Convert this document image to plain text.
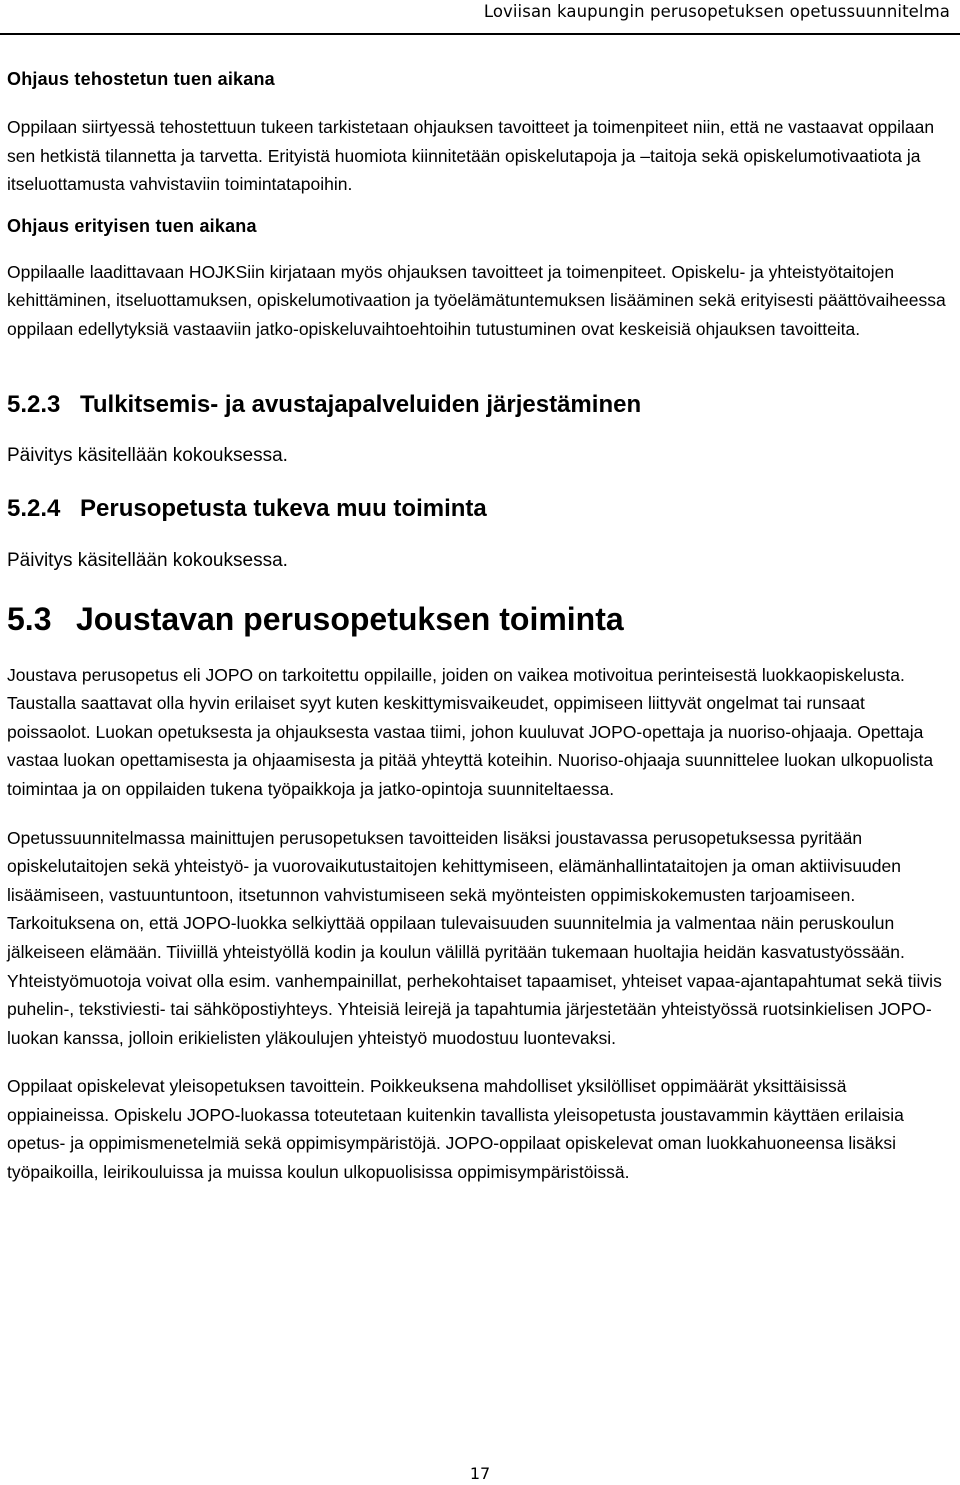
Loviisan kaupungin perusopetuksen opetussuunnitelma
Ohjaus tehostetun tuen aikana

Oppilaan siirtyessä tehostettuun tukeen tarkistetaan ohjauksen tavoitteet ja toimenpiteet niin, että ne vastaavat oppilaan sen hetkistä tilannetta ja tarvetta. Erityistä huomiota kiinnitetään opiskelutapoja ja –taitoja sekä opiskelumotivaatiota ja itseluottamusta vahvistaviin toimintatapoihin.

Ohjaus erityisen tuen aikana

Oppilaalle laadittavaan HOJKSiin kirjataan myös ohjauksen tavoitteet ja toimenpiteet. Opiskelu- ja yhteistyötaitojen kehittäminen, itseluottamuksen, opiskelumotivaation ja työelämätuntemuksen lisääminen sekä erityisesti päättövaiheessa oppilaan edellytyksiä vastaaviin jatko-opiskeluvaihtoehtoihin tutustuminen ovat keskeisiä ohjauksen tavoitteita.

5.2.3 Tulkitsemis- ja avustajapalveluiden järjestäminen

Päivitys käsitellään kokouksessa.

5.2.4 Perusopetusta tukeva muu toiminta

Päivitys käsitellään kokouksessa.

5.3 Joustavan perusopetuksen toiminta

Joustava perusopetus eli JOPO on tarkoitettu oppilaille, joiden on vaikea motivoitua perinteisestä luokkaopiskelusta. Taustalla saattavat olla hyvin erilaiset syyt kuten keskittymisvaikeudet, oppimiseen liittyvät ongelmat tai runsaat poissaolot. Luokan opetuksesta ja ohjauksesta vastaa tiimi, johon kuuluvat JOPO-opettaja ja nuoriso-ohjaaja. Opettaja vastaa luokan opettamisesta ja ohjaamisesta ja pitää yhteyttä koteihin. Nuoriso-ohjaaja suunnittelee luokan ulkopuolista toimintaa ja on oppilaiden tukena työpaikkoja ja jatko-opintoja suunniteltaessa.

Opetussuunnitelmassa mainittujen perusopetuksen tavoitteiden lisäksi joustavassa perusopetuksessa pyritään opiskelutaitojen sekä yhteistyö- ja vuorovaikutustaitojen kehittymiseen, elämänhallintataitojen ja oman aktiivisuuden lisäämiseen, vastuuntuntoon, itsetunnon vahvistumiseen sekä myönteisten oppimiskokemusten tarjoamiseen. Tarkoituksena on, että JOPO-luokka selkiyttää oppilaan tulevaisuuden suunnitelmia ja valmentaa näin peruskoulun jälkeiseen elämään. Tiiviillä yhteistyöllä kodin ja koulun välillä pyritään tukemaan huoltajia heidän kasvatustyössään. Yhteistyömuotoja voivat olla esim. vanhempainillat, perhekohtaiset tapaamiset, yhteiset vapaa-ajantapahtumat sekä tiivis puhelin-, tekstiviesti- tai sähköpostiyhteys. Yhteisiä leirejä ja tapahtumia järjestetään yhteistyössä ruotsinkielisen JOPO-luokan kanssa, jolloin erikielisten yläkoulujen yhteistyö muodostuu luontevaksi.

Oppilaat opiskelevat yleisopetuksen tavoittein. Poikkeuksena mahdolliset yksilölliset oppimäärät yksittäisissä oppiaineissa. Opiskelu JOPO-luokassa toteutetaan kuitenkin tavallista yleisopetusta joustavammin käyttäen erilaisia opetus- ja oppimismenetelmiä sekä oppimisympäristöjä. JOPO-oppilaat opiskelevat oman luokkahuoneensa lisäksi työpaikoilla, leirikouluissa ja muissa koulun ulkopuolisissa oppimisympäristöissä.

17
